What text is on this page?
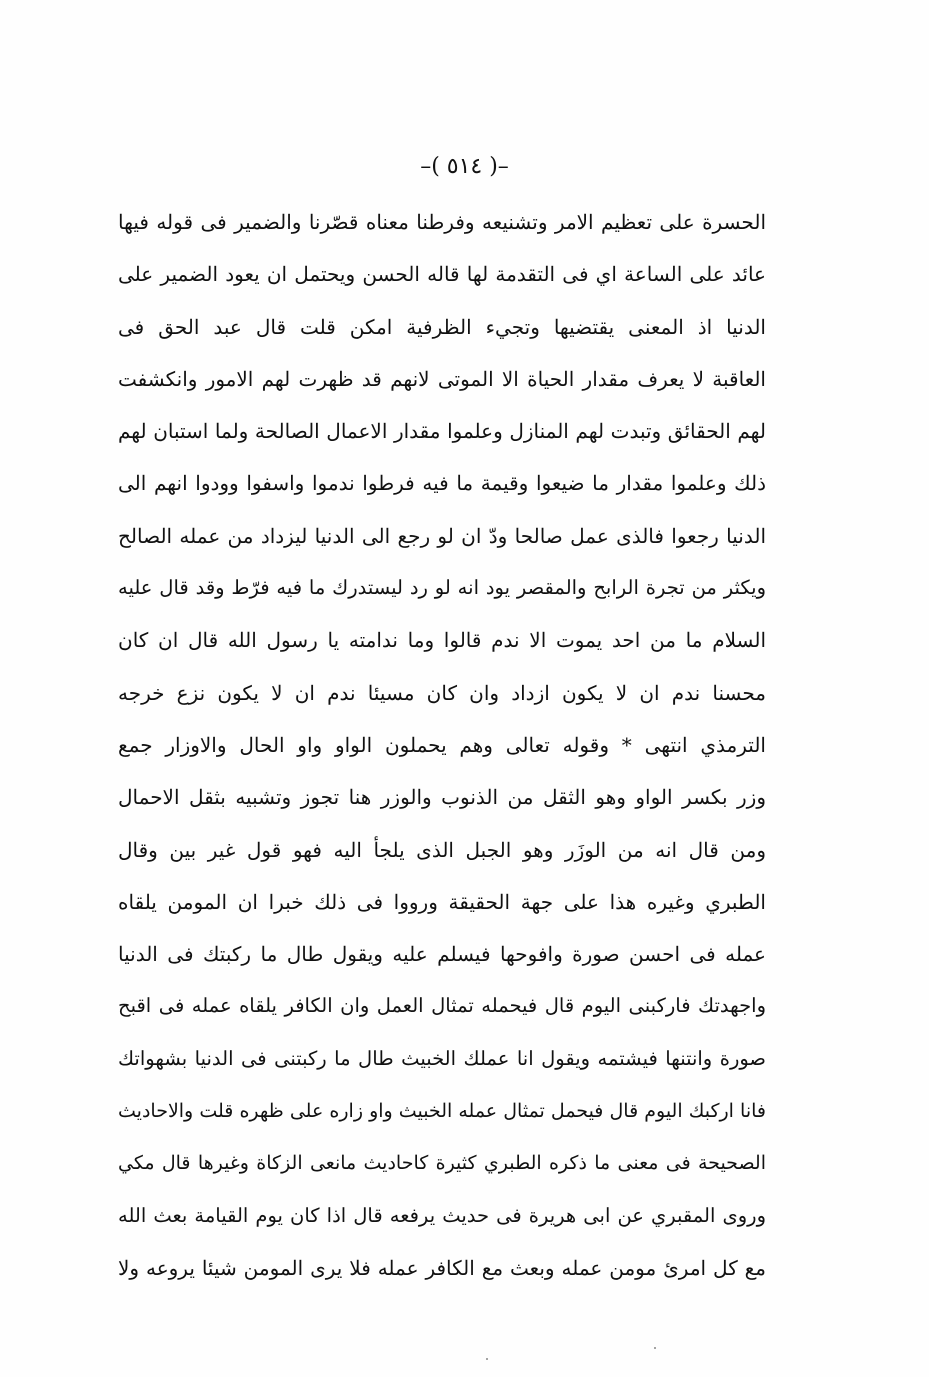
–( ٥١٤ )–
الحسرة على تعظيم الامر وتشنيعه وفرطنا معناه قصّرنا والضمير فى قوله فيها
عائد على الساعة اي فى التقدمة لها قاله الحسن ويحتمل ان يعود الضمير على
الدنيا اذ المعنى يقتضيها وتجيء الظرفية امكن قلت قال عبد الحق فى
العاقبة لا يعرف مقدار الحياة الا الموتى لانهم قد ظهرت لهم الامور وانكشفت
لهم الحقائق وتبدت لهم المنازل وعلموا مقدار الاعمال الصالحة ولما استبان لهم
ذلك وعلموا مقدار ما ضيعوا وقيمة ما فيه فرطوا ندموا واسفوا وودوا انهم الى
الدنيا رجعوا فالذى عمل صالحا ودّ ان لو رجع الى الدنيا ليزداد من عمله الصالح
ويكثر من تجرة الرابح والمقصر يود انه لو رد ليستدرك ما فيه فرّط وقد قال عليه
السلام ما من احد يموت الا ندم قالوا وما ندامته يا رسول الله قال ان كان
محسنا ندم ان لا يكون ازداد وان كان مسيئا ندم ان لا يكون نزع خرجه
الترمذي انتهى * وقوله تعالى وهم يحملون الواو واو الحال والاوزار جمع
وزر بكسر الواو وهو الثقل من الذنوب والوزر هنا تجوز وتشبيه بثقل الاحمال
ومن قال انه من الوزَر وهو الجبل الذى يلجأ اليه فهو قول غير بين وقال
الطبري وغيره هذا على جهة الحقيقة ورووا فى ذلك خبرا ان المومن يلقاه
عمله فى احسن صورة وافوحها فيسلم عليه ويقول طال ما ركبتك فى الدنيا
واجهدتك فاركبنى اليوم قال فيحمله تمثال العمل وان الكافر يلقاه عمله فى اقبح
صورة وانتنها فيشتمه ويقول انا عملك الخبيث طال ما ركبتنى فى الدنيا بشهواتك
فانا اركبك اليوم قال فيحمل تمثال عمله الخبيث واو زاره على ظهره قلت والاحاديث
الصحيحة فى معنى ما ذكره الطبري كثيرة كاحاديث مانعى الزكاة وغيرها قال مكي
وروى المقبري عن ابى هريرة فى حديث يرفعه قال اذا كان يوم القيامة بعث الله
مع كل امرئ مومن عمله وبعث مع الكافر عمله فلا يرى المومن شيئا يروعه ولا
